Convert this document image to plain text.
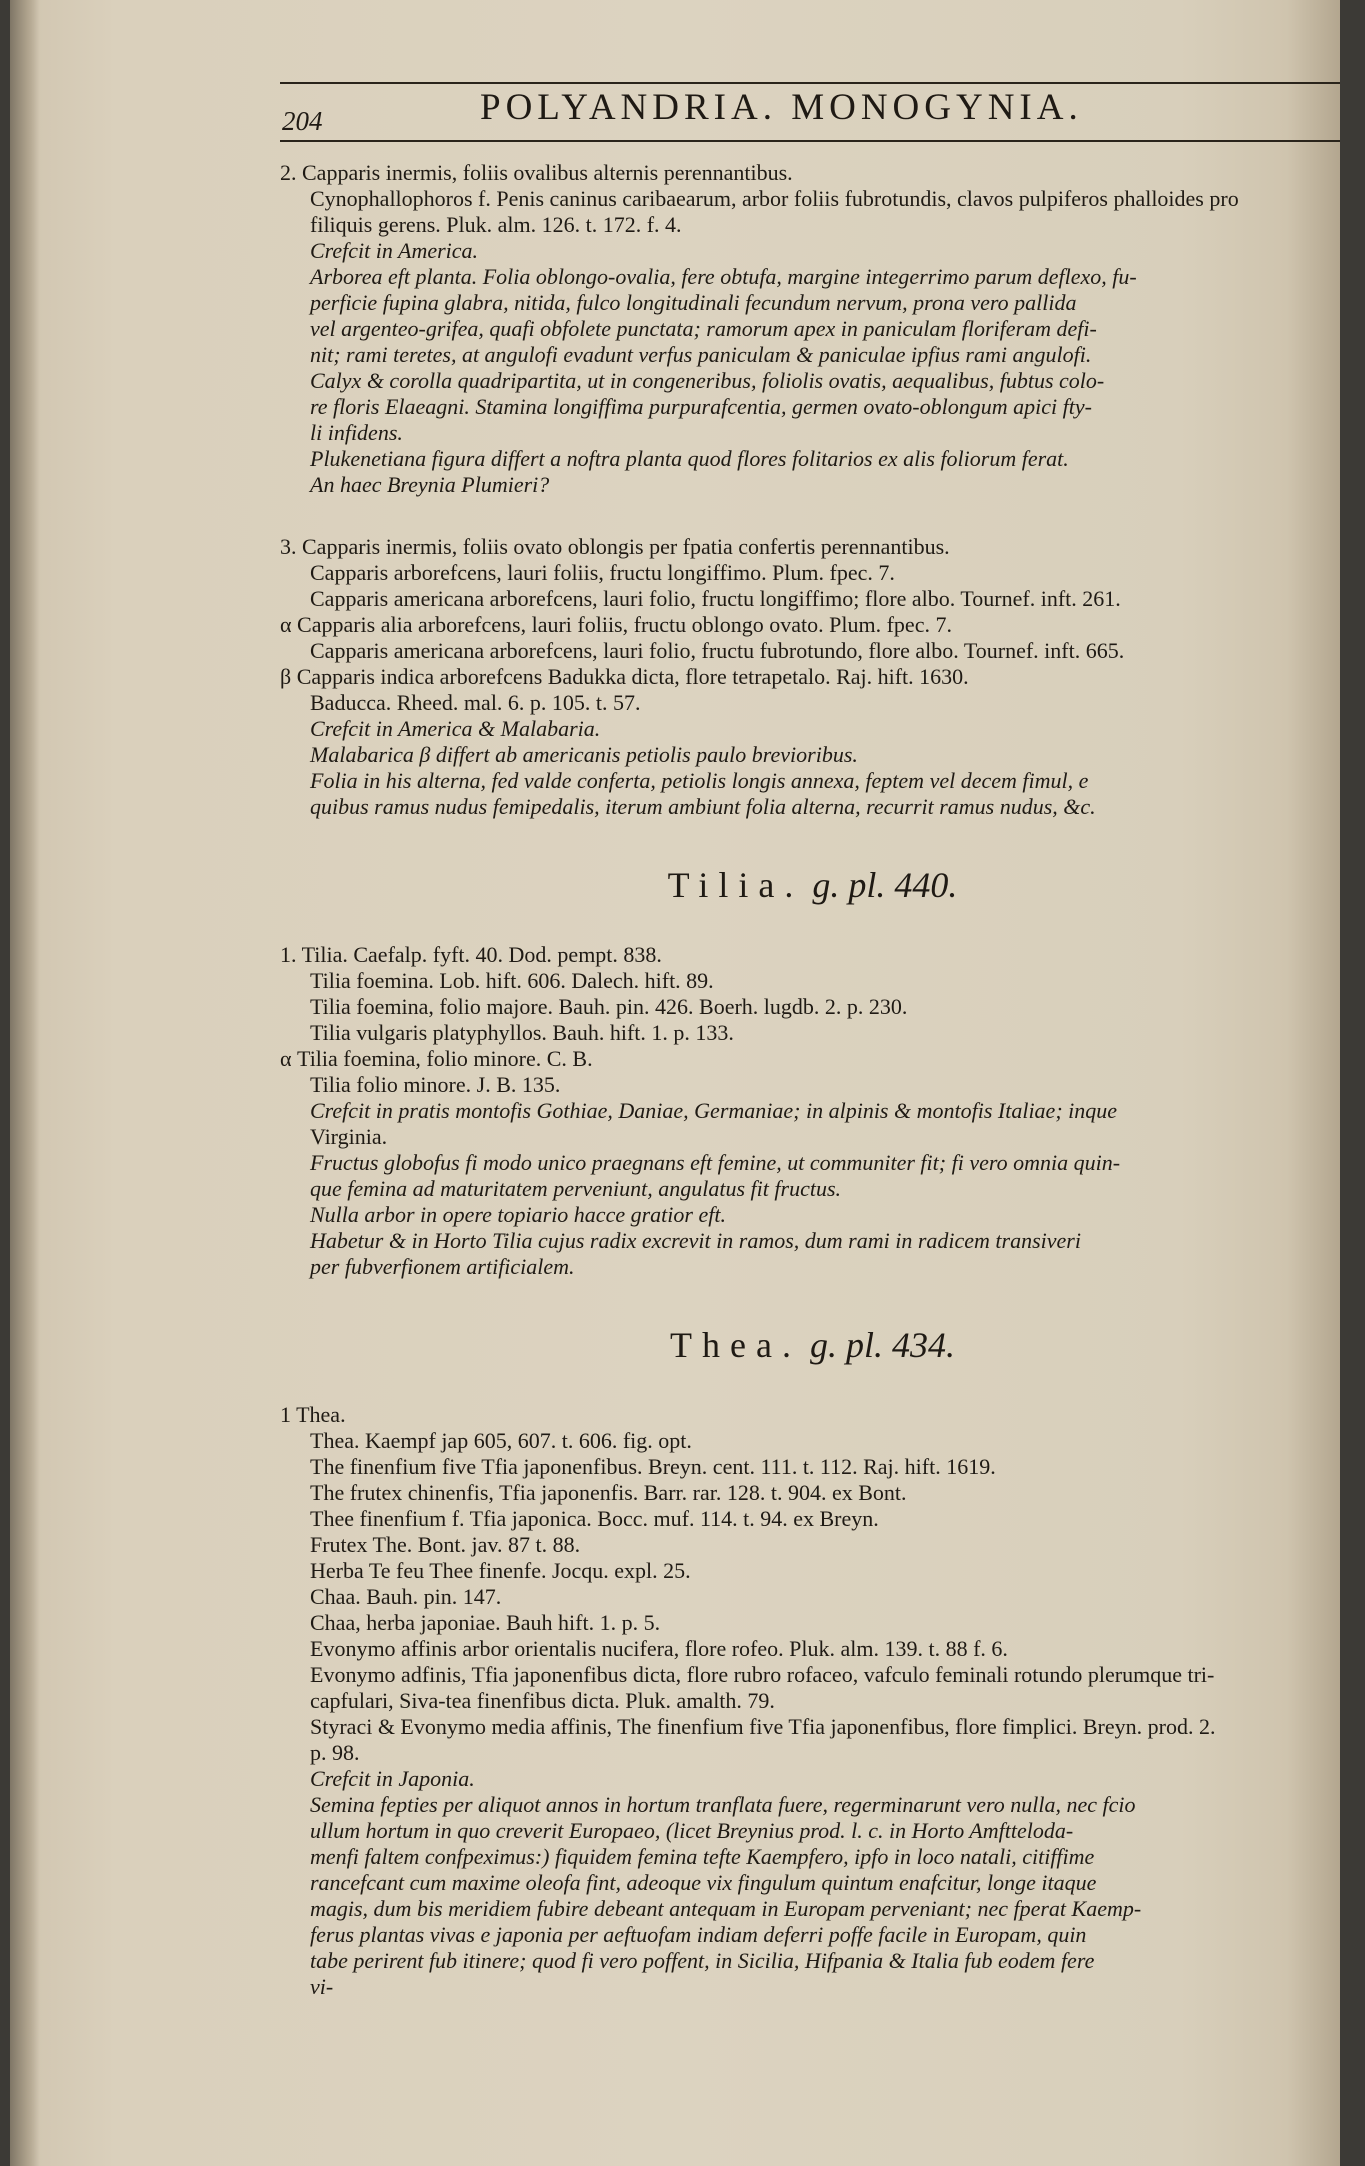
204	POLYANDRIA. MONOGYNIA.
2. Capparis inermis, foliis ovalibus alternis perennantibus.
Cynophallophoros f. Penis caninus caribaearum, arbor foliis fubrotundis, clavos pulpiferos phalloides pro
filiquis gerens. Pluk. alm. 126. t. 172. f. 4.
Crefcit in America.
Arborea eft planta. Folia oblongo-ovalia, fere obtufa, margine integerrimo parum deflexo, fu-
perficie fupina glabra, nitida, fulco longitudinali fecundum nervum, prona vero pallida
vel argenteo-grifea, quafi obfolete punctata; ramorum apex in paniculam floriferam defi-
nit; rami teretes, at angulofi evadunt verfus paniculam & paniculae ipfius rami angulofi.
Calyx & corolla quadripartita, ut in congeneribus, foliolis ovatis, aequalibus, fubtus colo-
re floris Elaeagni. Stamina longiffima purpurafcentia, germen ovato-oblongum apici fty-
li infidens.
Plukenetiana figura differt a noftra planta quod flores folitarios ex alis foliorum ferat.
An haec Breynia Plumieri?
3. Capparis inermis, foliis ovato oblongis per fpatia confertis perennantibus.
Capparis arborefcens, lauri foliis, fructu longiffimo. Plum. fpec. 7.
Capparis americana arborefcens, lauri folio, fructu longiffimo; flore albo. Tournef. inft. 261.
α Capparis alia arborefcens, lauri foliis, fructu oblongo ovato. Plum. fpec. 7.
Capparis americana arborefcens, lauri folio, fructu fubrotundo, flore albo. Tournef. inft. 665.
β Capparis indica arborefcens Badukka dicta, flore tetrapetalo. Raj. hift. 1630.
Baducca. Rheed. mal. 6. p. 105. t. 57.
Crefcit in America & Malabaria.
Malabarica β differt ab americanis petiolis paulo brevioribus.
Folia in his alterna, fed valde conferta, petiolis longis annexa, feptem vel decem fimul, e
quibus ramus nudus femipedalis, iterum ambiunt folia alterna, recurrit ramus nudus, &c.
Tilia. g. pl. 440.
1. Tilia. Caefalp. fyft. 40. Dod. pempt. 838.
Tilia foemina. Lob. hift. 606. Dalech. hift. 89.
Tilia foemina, folio majore. Bauh. pin. 426. Boerh. lugdb. 2. p. 230.
Tilia vulgaris platyphyllos. Bauh. hift. 1. p. 133.
α Tilia foemina, folio minore. C. B.
Tilia folio minore. J. B. 135.
Crefcit in pratis montofis Gothiae, Daniae, Germaniae; in alpinis & montofis Italiae; inque
Virginia.
Fructus globofus fi modo unico praegnans eft femine, ut communiter fit; fi vero omnia quin-
que femina ad maturitatem perveniunt, angulatus fit fructus.
Nulla arbor in opere topiario hacce gratior eft.
Habetur & in Horto Tilia cujus radix excrevit in ramos, dum rami in radicem transiveri
per fubverfionem artificialem.
Thea. g. pl. 434.
1 Thea.
Thea. Kaempf jap 605, 607. t. 606. fig. opt.
The finenfium five Tfia japonenfibus. Breyn. cent. 111. t. 112. Raj. hift. 1619.
The frutex chinenfis, Tfia japonenfis. Barr. rar. 128. t. 904. ex Bont.
Thee finenfium f. Tfia japonica. Bocc. muf. 114. t. 94. ex Breyn.
Frutex The. Bont. jav. 87 t. 88.
Herba Te feu Thee finenfe. Jocqu. expl. 25.
Chaa. Bauh. pin. 147.
Chaa, herba japoniae. Bauh hift. 1. p. 5.
Evonymo affinis arbor orientalis nucifera, flore rofeo. Pluk. alm. 139. t. 88 f. 6.
Evonymo adfinis, Tfia japonenfibus dicta, flore rubro rofaceo, vafculo feminali rotundo plerumque tri-
capfulari, Siva-tea finenfibus dicta. Pluk. amalth. 79.
Styraci & Evonymo media affinis, The finenfium five Tfia japonenfibus, flore fimplici. Breyn. prod. 2.
p. 98.
Crefcit in Japonia.
Semina fepties per aliquot annos in hortum tranflata fuere, regerminarunt vero nulla, nec fcio
ullum hortum in quo creverit Europaeo, (licet Breynius prod. l. c. in Horto Amftteloda-
menfi faltem confpeximus:) fiquidem femina tefte Kaempfero, ipfo in loco natali, citiffime
rancefcant cum maxime oleofa fint, adeoque vix fingulum quintum enafcitur, longe itaque
magis, dum bis meridiem fubire debeant antequam in Europam perveniant; nec fperat Kaemp-
ferus plantas vivas e japonia per aeftuofam indiam deferri poffe facile in Europam, quin
tabe perirent fub itinere; quod fi vero poffent, in Sicilia, Hifpania & Italia fub eodem fere
vi-
